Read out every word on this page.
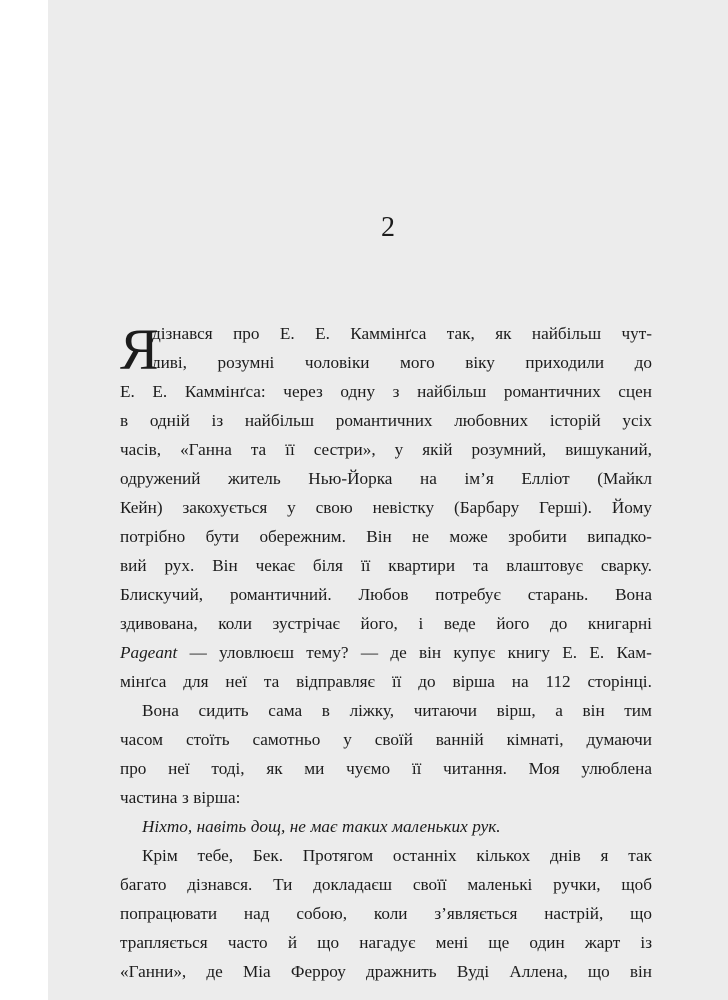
2
Я
дізнався про Е. Е. Каммінґса так, як найбільш чут-
ливі, розумні чоловіки мого віку приходили до
Е. Е. Каммінґса: через одну з найбільш романтичних сцен
в одній із найбільш романтичних любовних історій усіх
часів, «Ганна та її сестри», у якій розумний, вишуканий,
одружений житель Нью-Йорка на ім’я Елліот (Майкл
Кейн) закохується у свою невістку (Барбару Герші). Йому
потрібно бути обережним. Він не може зробити випадко-
вий рух. Він чекає біля її квартири та влаштовує сварку.
Блискучий, романтичний. Любов потребує старань. Вона
здивована, коли зустрічає його, і веде його до книгарні
Pageant — уловлюєш тему? — де він купує книгу Е. Е. Кам-
мінґса для неї та відправляє її до вірша на 112 сторінці.
Вона сидить сама в ліжку, читаючи вірш, а він тим
часом стоїть самотньо у своїй ванній кімнаті, думаючи
про неї тоді, як ми чуємо її читання. Моя улюблена
частина з вірша:
Ніхто, навіть дощ, не має таких маленьких рук.
Крім тебе, Бек. Протягом останніх кількох днів я так
багато дізнався. Ти докладаєш своїї маленькі ручки, щоб
попрацювати над собою, коли з’являється настрій, що
трапляється часто й що нагадує мені ще один жарт із
«Ганни», де Міа Ферроу дражнить Вуді Аллена, що він
